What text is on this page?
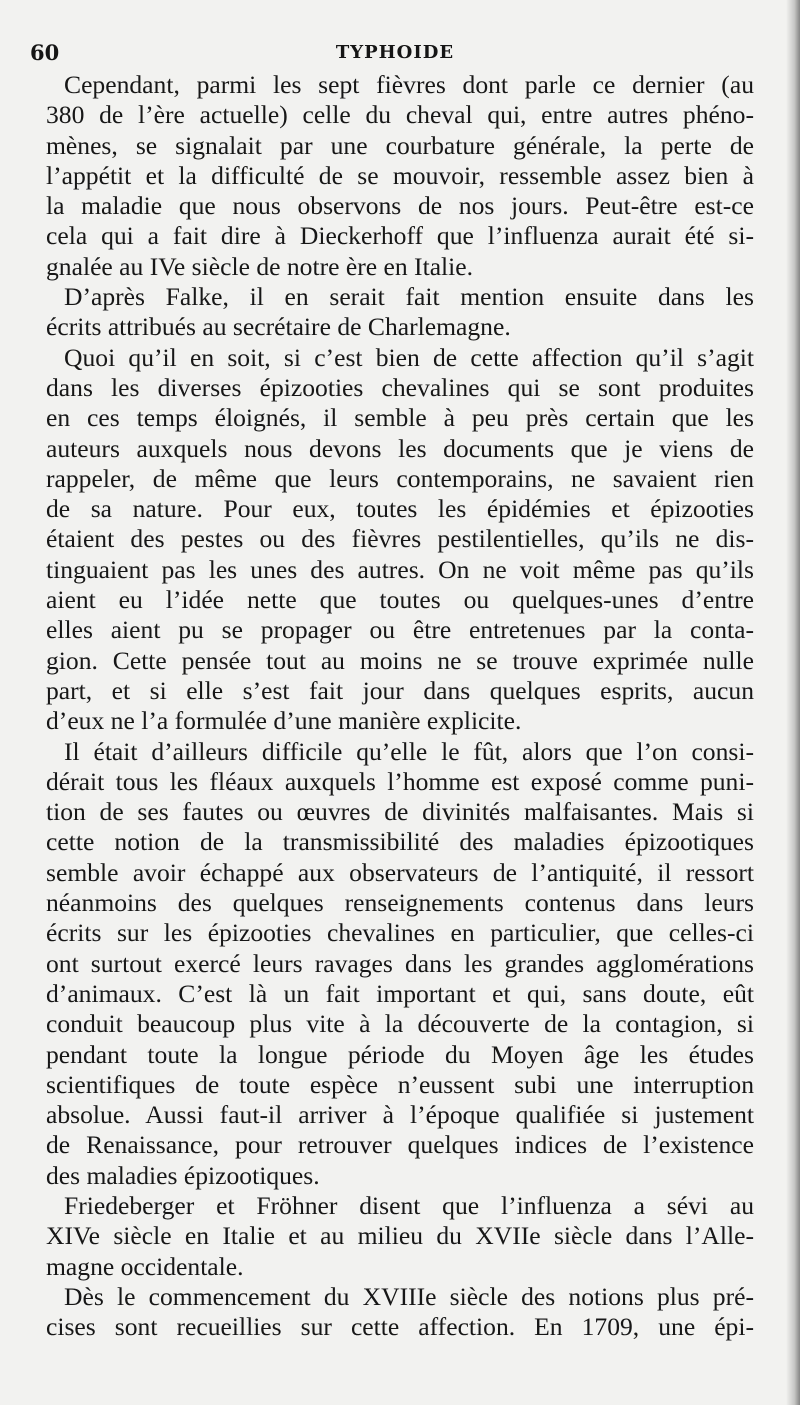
60	TYPHOIDE

Cependant, parmi les sept fièvres dont parle ce dernier (au
380 de l’ère actuelle) celle du cheval qui, entre autres phéno-
mènes, se signalait par une courbature générale, la perte de
l’appétit et la difficulté de se mouvoir, ressemble assez bien à
la maladie que nous observons de nos jours. Peut-être est-ce
cela qui a fait dire à Dieckerhoff que l’influenza aurait été si-
gnalée au IVe siècle de notre ère en Italie.

D’après Falke, il en serait fait mention ensuite dans les
écrits attribués au secrétaire de Charlemagne.

Quoi qu’il en soit, si c’est bien de cette affection qu’il s’agit
dans les diverses épizooties chevalines qui se sont produites
en ces temps éloignés, il semble à peu près certain que les
auteurs auxquels nous devons les documents que je viens de
rappeler, de même que leurs contemporains, ne savaient rien
de sa nature. Pour eux, toutes les épidémies et épizooties
étaient des pestes ou des fièvres pestilentielles, qu’ils ne dis-
tinguaient pas les unes des autres. On ne voit même pas qu’ils
aient eu l’idée nette que toutes ou quelques-unes d’entre
elles aient pu se propager ou être entretenues par la conta-
gion. Cette pensée tout au moins ne se trouve exprimée nulle
part, et si elle s’est fait jour dans quelques esprits, aucun
d’eux ne l’a formulée d’une manière explicite.

Il était d’ailleurs difficile qu’elle le fût, alors que l’on consi-
dérait tous les fléaux auxquels l’homme est exposé comme puni-
tion de ses fautes ou œuvres de divinités malfaisantes. Mais si
cette notion de la transmissibilité des maladies épizootiques
semble avoir échappé aux observateurs de l’antiquité, il ressort
néanmoins des quelques renseignements contenus dans leurs
écrits sur les épizooties chevalines en particulier, que celles-ci
ont surtout exercé leurs ravages dans les grandes agglomérations
d’animaux. C’est là un fait important et qui, sans doute, eût
conduit beaucoup plus vite à la découverte de la contagion, si
pendant toute la longue période du Moyen âge les études
scientifiques de toute espèce n’eussent subi une interruption
absolue. Aussi faut-il arriver à l’époque qualifiée si justement
de Renaissance, pour retrouver quelques indices de l’existence
des maladies épizootiques.

Friedeberger et Fröhner disent que l’influenza a sévi au
XIVe siècle en Italie et au milieu du XVIIe siècle dans l’Alle-
magne occidentale.

Dès le commencement du XVIIIe siècle des notions plus pré-
cises sont recueillies sur cette affection. En 1709, une épi-
